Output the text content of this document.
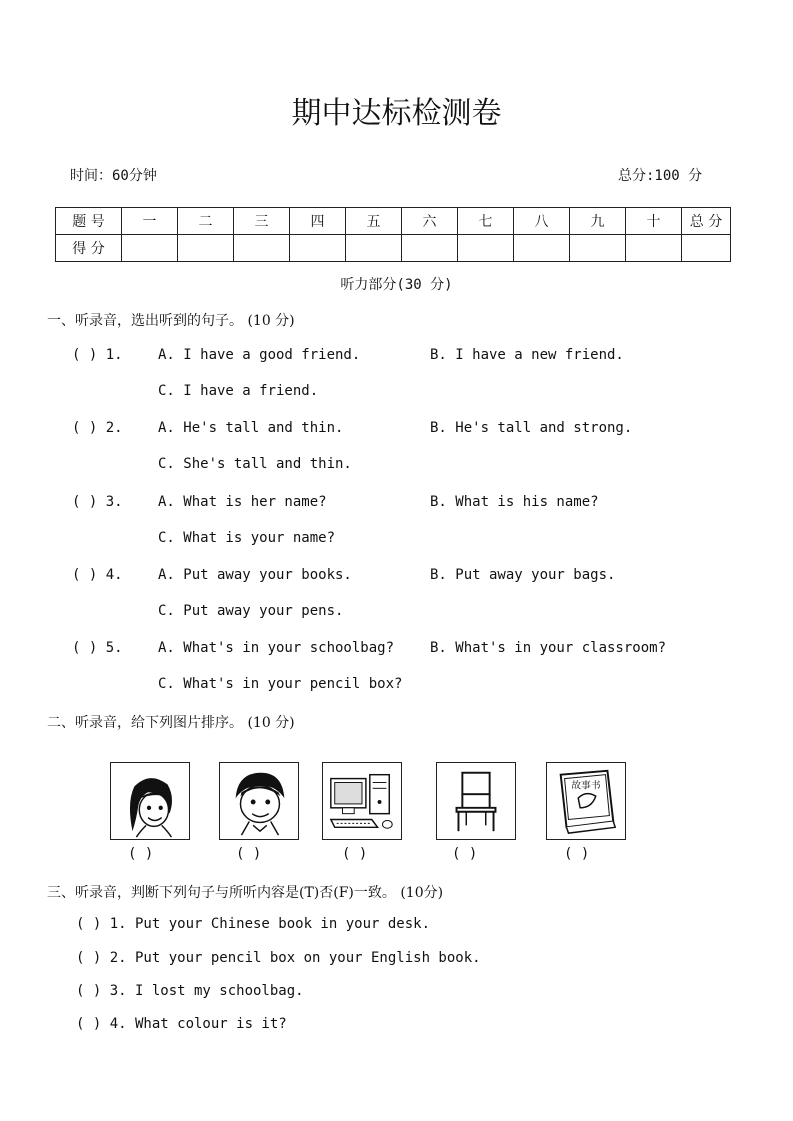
期中达标检测卷
时间：60分钟	总分:100 分
题 号	一	二	三	四	五	六	七	八	九	十	总 分
得 分											
听力部分(30 分)
一、听录音，选出听到的句子。 (10 分)
( ) 1.	A. I have a good friend.	B. I have a new friend.
C. I have a friend.
( ) 2.	A. He's tall and thin.	B. He's tall and strong.
C. She's tall and thin.
( ) 3.	A. What is her name?	B. What is his name?
C. What is your name?
( ) 4.	A. Put away your books.	B. Put away your bags.
C. Put away your pens.
( ) 5.	A. What's in your schoolbag?	B. What's in your classroom?
C. What's in your pencil box?
二、听录音，给下列图片排序。 (10 分)
故事书
( )	( )	( )	( )	( )
三、听录音，判断下列句子与所听内容是(T)否(F)一致。 (10分)
( ) 1. Put your Chinese book in your desk.
( ) 2. Put your pencil box on your English book.
( ) 3. I lost my schoolbag.
( ) 4. What colour is it?
